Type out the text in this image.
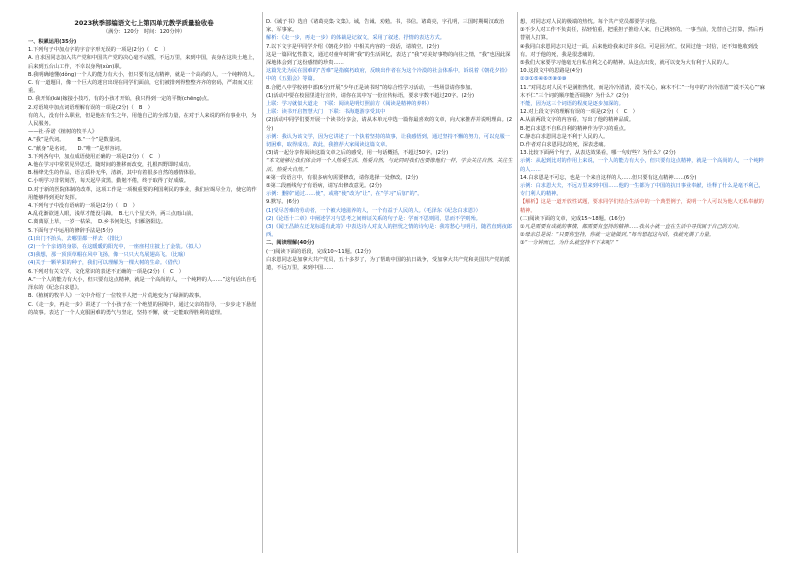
2023秋季部编语文七上第四单元教学质量验收卷
（满分：120分　时间：120分钟）

一、积累运用(35分)

1.下列句子中加点字的字音字形无误的一项是(2分)（　C　）

A. 自求因同志加入共产党和中国共产党的决心毫不动摇，不远万里，来到中国，丧身在这块土地上，后来到五台山工作，不幸以身殉(xùn)职。

B.我明确地懂(dǒng)一个人的能力有大小，但只要有这点精神，就是一个高尚的人，一个纯粹的人。

C. 有一道题目，像一个巨大的迷宫出现在同学们面前，它们被排列得整整齐齐的密码，严肃而又庄重。

D. 我开始(kāi)嫁接小技巧，有的小孩才开始，我只得到一定的平衡(chēng)点。

2.对语境中加点词语理解有误的一项是(2分)（　B　）

有的人，没有什么职业，但是他在有生之年，用他自己的全部力量，在对于人来说的所有事业中，为人民服务。

——社·乔诺《植树的牧羊人》

A.“我”是代词。　　　B.“一个”是数量词。

C.“献身”是名词。　　D.“唯一”是形容词。

3.下列各句中，加点成语使用正确的一项是(2分)（　C　）

A.他在学习中常常见异思迁，随时间的推移而改变，扎根四野即时成功。

B.杨绛先生的作品，语言质朴无华，清新，其中有着很多自然的感情体验。

C.小明学习非常刻苦，每天起早贪黑，勤勉不倦，终于取得了好成绩。

D.对于新的医院体制的改革，这项工作是一项极重要的利国利民的事业，我们应竭尽全力，使它的作用能够得到更好发挥。

4.下列句子中没有语病的一项是(2分)（　D　）

A.乱花渐欲迷人眼，浅草才能没马蹄。　B.七八个星天外，两三点雨山前。

C.离离原上草，一岁一枯荣。　D.乡书何处达，归雁洛阳边。

5.下面句子中运用的修辞手法是(5分)

(1)出门不抬头，去哪里都一样去 （排比）

(2)一个个亲切的身影，在这暖暖的阳光中，一座座村庄披上了金装。（拟人）

(3)我想，那一顶顶草帽在风中飞扬，像一只只大鸟展翅高飞。（比喻）

(4)关于一颗苹果的种子，我们可以理解为一棵大树的生命。（借代）

6.下列对有关文学、文化常识的表述不正确的一项是(2分)（　C　）

A.“一个人的能力有大小，但只要有这点精神，就是一个高尚的人，一个纯粹的人……”这句话出自毛泽东的《纪念白求恩》。

B.《植树的牧羊人》一文中介绍了一位牧羊人把一片荒地变为了绿洲的故事。

C.《走一步，再走一步》讲述了一个小孩子在一个绝望的困境中，通过父亲的指导，一步步走下悬崖的故事。表达了一个人克服困难的勇气与坚定，坚持不懈，就一定能取得胜利的道理。

D.《诫子书》选自《诸葛亮集·文集》。诫，告诫、劝勉。书，书信。诸葛亮，字孔明，三国时期蜀汉政治家、军事家。

解析：《走一步，再走一步》的体裁是记叙文，采用了叙述、抒情的表达方式。

7.以下文字是甲同学介绍《朝花夕拾》中相关内容的一段话，请填空。(2分)

这是一篇回忆性散文，通过对童年时期“我”的生活回忆，表达了“我”对美好事物的向往之情，“我”也因此深深地体会到了这份感情的珍贵……

这篇先先为民在国难的“苦难”是指腐朽政府，反映出作者在为这个冷漠的社会体系中，诉说着《朝花夕拾》中的《五猖会》等篇。

8.合肥八中学校初中部(6分)开展“少年正是读书时”的综合性学习活动，一些场景请你参加。

(1)活动中要在校园里进行宣传，请你在其中写一份宣传标语，要求字数不超过20字。(2分)

上联：学习就似大道走　下联：阅读是明灯照前方（阅读是精神的养料）

上联：读书开启智慧大门　下联：书海遨游享受其中

(2)活动中同学们要开展一个读书分享会，请从本单元中选一篇你最喜欢的文章，向大家推荐并说明理由。(2分)

示例：我认为该文学，因为它讲述了一个执着坚持的故事，让我感悟到，通过坚持不懈的努力，可以克服一切困难，取得成功。故此，我推荐大家阅读这篇文章。

(3)请一起分享你阅读这篇文章之后的感受，用一句话概括，不超过50字。(2分)

“本文能够让我们体会到一个人热爱生活、热爱自然，与此同时我们也要像他们一样，学会关注自然、关注生活，热爱大自然。”

④第一段语言中，有很多病句需要修改，请你选择一处修改。(2分)

⑤第二段画线句子有语病，请写出修改意见。(2分)

示例：删掉“通过……使”，或将“使”改为“让”，在“学习”后加“的”。

9.默写。(6分)

(1)受尽苦难的劳动者，一个被大地滋养的人，一个有益于人民的人。（毛泽东《纪念白求恩》）

(2)《论语十二章》中阐述学习与思考之间辩证关系的句子是：学而不思则罔，思而不学则殆。

(3)《闻王昌龄左迁龙标遥有此寄》中表达诗人对友人的担忧之情的诗句是：我寄愁心与明月，随君直到夜郎西。

二、阅读理解(40分)

(一)阅读下面的语段，完成10~11题。(12分)

白求恩同志是加拿大共产党员，五十多岁了，为了帮助中国的抗日战争，受加拿大共产党和美国共产党的派遣，不远万里，来到中国……

想，对同志对人民的极端的热忱。每个共产党员都要学习他。

③不少人对工作不负责任，拈轻怕重，把重担子推给人家，自己挑轻的。一事当前，先替自己打算，然后再替别人打算。

④我同白求恩同志只见过一面。后来他给我来过许多信。可是因为忙，仅回过他一封信，还不知他收到没有。对于他的死，我是很悲痛的。

⑤我们大家要学习他毫无自私自利之心的精神。从这点出发，就可以变为大有利于人民的人。

10.这段文中的思路是(4分)

②③①⑤④⑥⑦⑧⑨⑩

11.“对同志对人民不是满腔热忱，而是冷冷清清，漠不关心，麻木不仁”一句中的“冷冷清清”“漠不关心”“麻木不仁”三个词的顺序能否调换？为什么？(2分)

不能，因为这三个词语的程度是逐步加深的。

12.对上段文字的理解有误的一项是(2分)（　C　）

A.从前两段文字的内容看，写出了他的精神品质。

B.把白求恩不自私自利的精神作为学习的重点。

C.静态白求恩同志是不利于人民的人。

D.作者对白求恩同志的死，深表悲痛。

13.比较下面两个句子，从表达效果看，哪一句好些？为什么？(2分)

示例：从起到比对的作用上来说，一个人的能力有大小，但只要有这点精神，就是一个高尚的人，一个纯粹的人……

14.白求恩是不可忘，也是一个来自这样的人……但只要有这点精神……(6分)

示例：白求恩大夫，不远万里来到中国……他的一生都为了中国的抗日事业奉献，诠释了什么是毫不利己，专门利人的精神。

【解析】这是一道开放性试题，要求同学们结合生活中的一个典型例子，说明一个人可以为他人无私奉献的精神。

(二)阅读下面的文章，完成15~18题。(16分)

①凡是需要有成就的事情，都需要有坚持的精神……我从小就一直在生活中寻找属于自己的方向。

②母亲总是说：“只要你坚持，你就一定能做到。”每当想起这句话，我就充满了力量。

③“一分钟而已，为什么就坚持不下来呢？”
